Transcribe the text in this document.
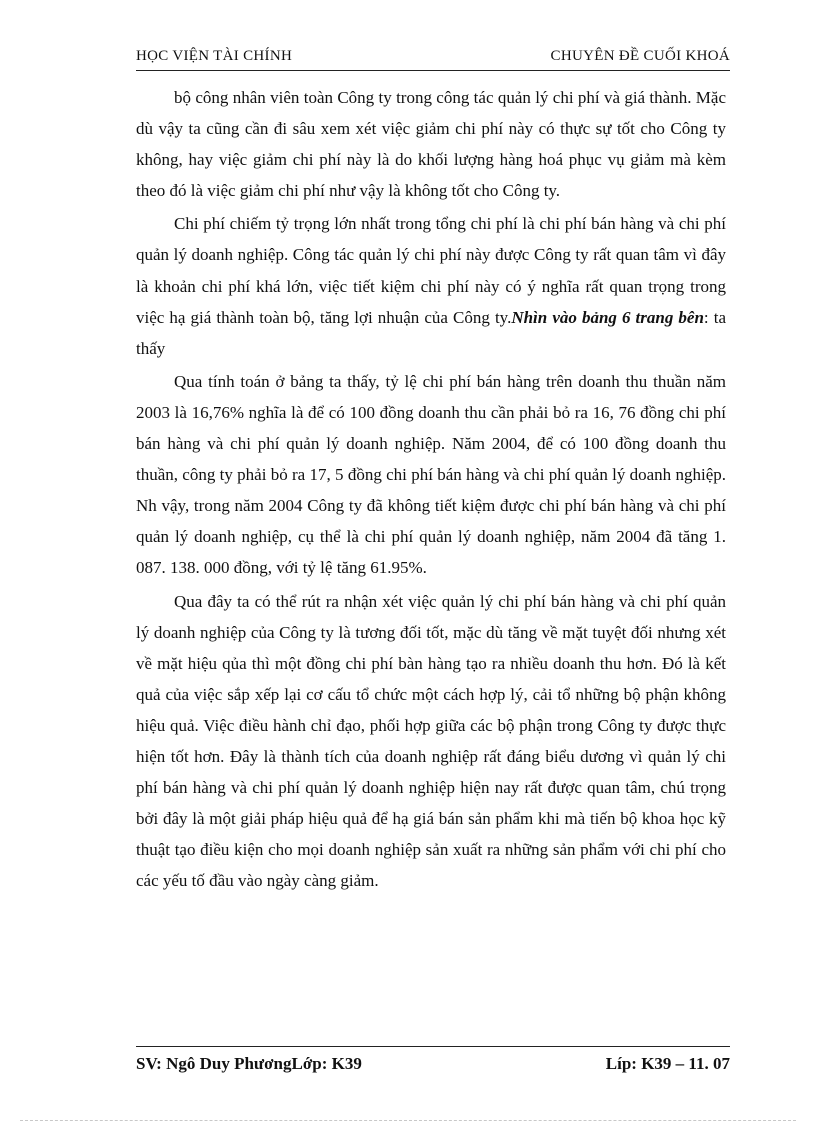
HỌC VIỆN TÀI CHÍNH	CHUYÊN ĐỀ CUỐI KHOÁ

bộ công nhân viên toàn Công ty trong công tác quản lý chi phí và giá thành. Mặc dù vậy ta cũng cần đi sâu xem xét việc giảm chi phí này có thực sự tốt cho Công ty không, hay việc giảm chi phí này là do khối lượng hàng hoá phục vụ giảm mà kèm theo đó là việc giảm chi phí như vậy là không tốt cho Công ty.

Chi phí chiếm tỷ trọng lớn nhất trong tổng chi phí là chi phí bán hàng và chi phí quản lý doanh nghiệp. Công tác quản lý chi phí này được Công ty rất quan tâm vì đây là khoản chi phí khá lớn, việc tiết kiệm chi phí này có ý nghĩa rất quan trọng trong việc hạ giá thành toàn bộ, tăng lợi nhuận của Công ty.Nhìn vào bảng 6 trang bên: ta thấy

Qua tính toán ở bảng ta thấy, tỷ lệ chi phí bán hàng trên doanh thu thuần năm 2003 là 16,76% nghĩa là để có 100 đồng doanh thu cần phải bỏ ra 16, 76 đồng chi phí bán hàng và chi phí quản lý doanh nghiệp. Năm 2004, để có 100 đồng doanh thu thuần, công ty phải bỏ ra 17, 5 đồng chi phí bán hàng và chi phí quản lý doanh nghiệp. Nh vậy, trong năm 2004 Công ty đã không tiết kiệm được chi phí bán hàng và chi phí quản lý doanh nghiệp, cụ thể là chi phí quản lý doanh nghiệp, năm 2004 đã tăng 1. 087. 138. 000 đồng, với tỷ lệ tăng 61.95%.

Qua đây ta có thể rút ra nhận xét việc quản lý chi phí bán hàng và chi phí quản lý doanh nghiệp của Công ty là tương đối tốt, mặc dù tăng về mặt tuyệt đối nhưng xét về mặt hiệu qủa thì một đồng chi phí bàn hàng tạo ra nhiều doanh thu hơn. Đó là kết quả của việc sắp xếp lại cơ cấu tổ chức một cách hợp lý, cải tổ những bộ phận không hiệu quả. Việc điều hành chỉ đạo, phối hợp giữa các bộ phận trong Công ty được thực hiện tốt hơn. Đây là thành tích của doanh nghiệp rất đáng biểu dương vì quản lý chi phí bán hàng và chi phí quản lý doanh nghiệp hiện nay rất được quan tâm, chú trọng bởi đây là một giải pháp hiệu quả để hạ giá bán sản phẩm khi mà tiến bộ khoa học kỹ thuật tạo điều kiện cho mọi doanh nghiệp sản xuất ra những sản phẩm với chi phí cho các yếu tố đầu vào ngày càng giảm.

SV: Ngô Duy PhươngLớp: K39	Líp: K39 – 11. 07
